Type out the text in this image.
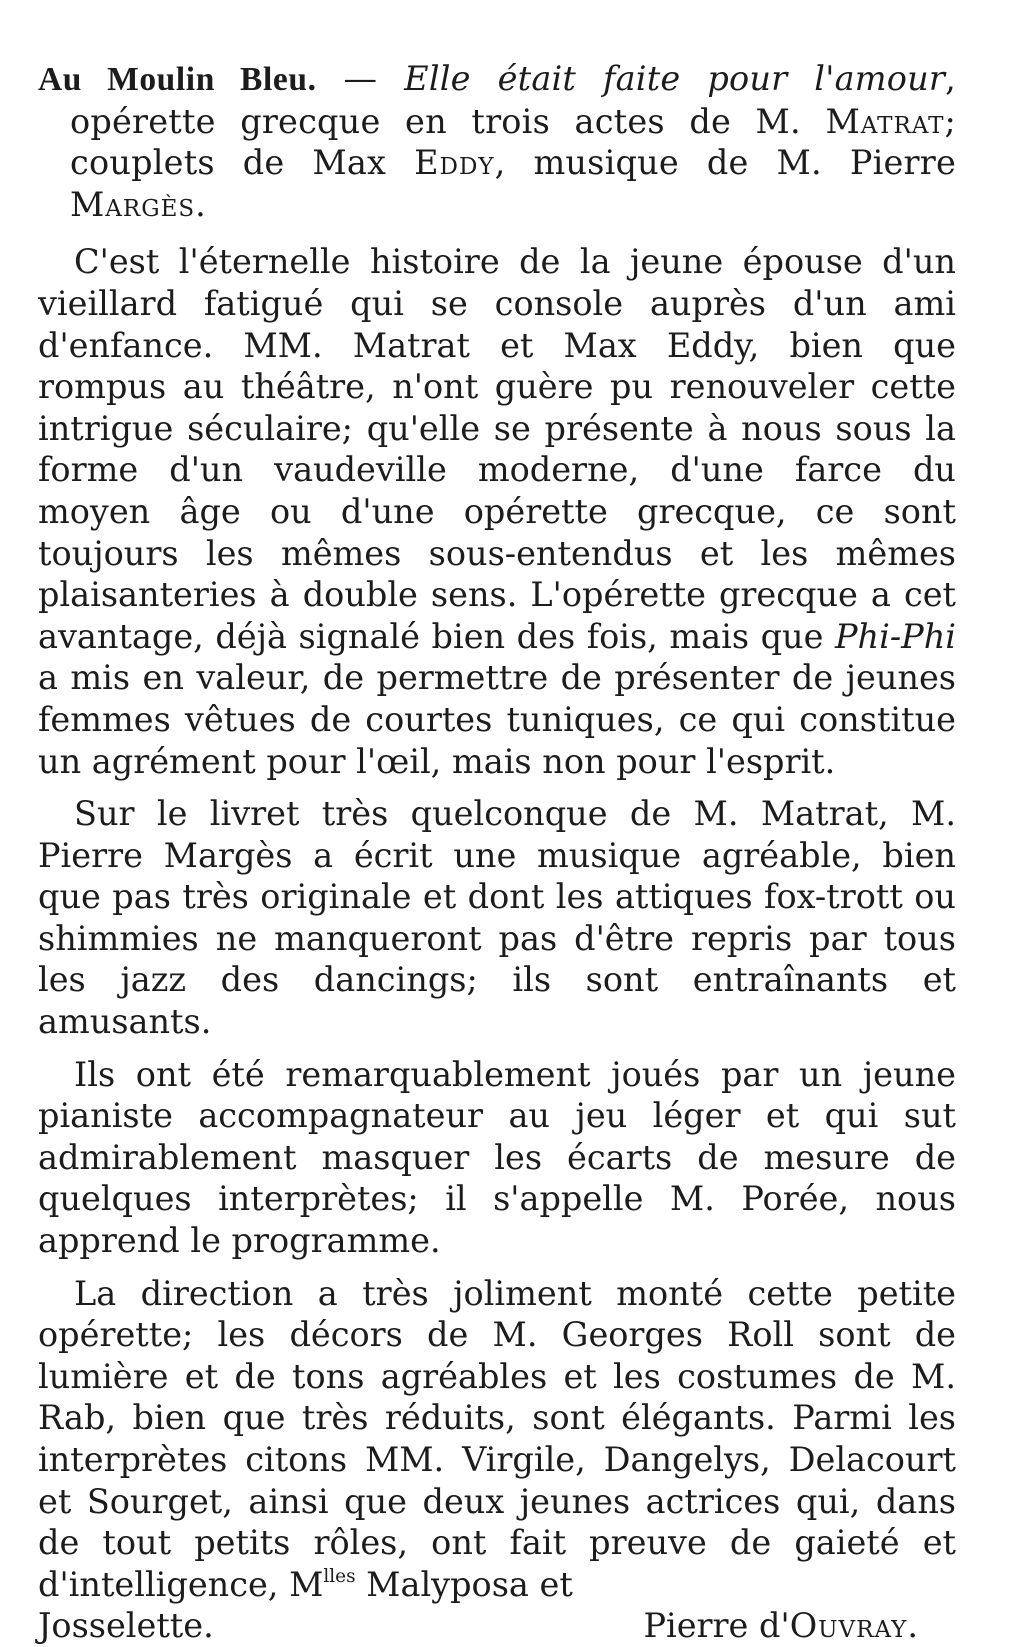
Au Moulin Bleu. — Elle était faite pour l'amour, opérette grecque en trois actes de M. Matrat; couplets de Max Eddy, musique de M. Pierre Margès.

C'est l'éternelle histoire de la jeune épouse d'un vieillard fatigué qui se console auprès d'un ami d'enfance. MM. Matrat et Max Eddy, bien que rompus au théâtre, n'ont guère pu renouveler cette intrigue séculaire; qu'elle se présente à nous sous la forme d'un vaudeville moderne, d'une farce du moyen âge ou d'une opérette grecque, ce sont toujours les mêmes sous-entendus et les mêmes plaisanteries à double sens. L'opérette grecque a cet avantage, déjà signalé bien des fois, mais que Phi-Phi a mis en valeur, de permettre de présenter de jeunes femmes vêtues de courtes tuniques, ce qui constitue un agrément pour l'œil, mais non pour l'esprit.

Sur le livret très quelconque de M. Matrat, M. Pierre Margès a écrit une musique agréable, bien que pas très originale et dont les attiques fox-trott ou shimmies ne manqueront pas d'être repris par tous les jazz des dancings; ils sont entraînants et amusants.

Ils ont été remarquablement joués par un jeune pianiste accompagnateur au jeu léger et qui sut admirablement masquer les écarts de mesure de quelques interprètes; il s'appelle M. Porée, nous apprend le programme.

La direction a très joliment monté cette petite opérette; les décors de M. Georges Roll sont de lumière et de tons agréables et les costumes de M. Rab, bien que très réduits, sont élégants. Parmi les interprètes citons MM. Virgile, Dangelys, Delacourt et Sourget, ainsi que deux jeunes actrices qui, dans de tout petits rôles, ont fait preuve de gaieté et d'intelligence, $M^{lles}$ Malyposa et

Josselette.	Pierre d'Ouvray.
